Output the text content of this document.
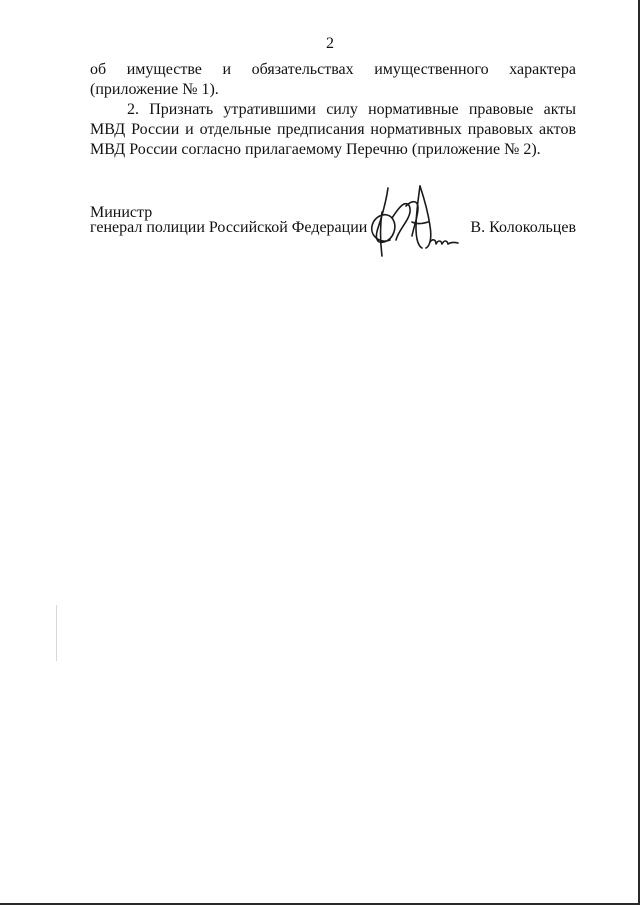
2

об имуществе и обязательствах имущественного характера

(приложение № 1).

2. Признать утратившими силу нормативные правовые акты МВД России и отдельные предписания нормативных правовых актов МВД России согласно прилагаемому Перечню (приложение № 2).

Министр
генерал полиции Российской Федерации	В. Колокольцев
